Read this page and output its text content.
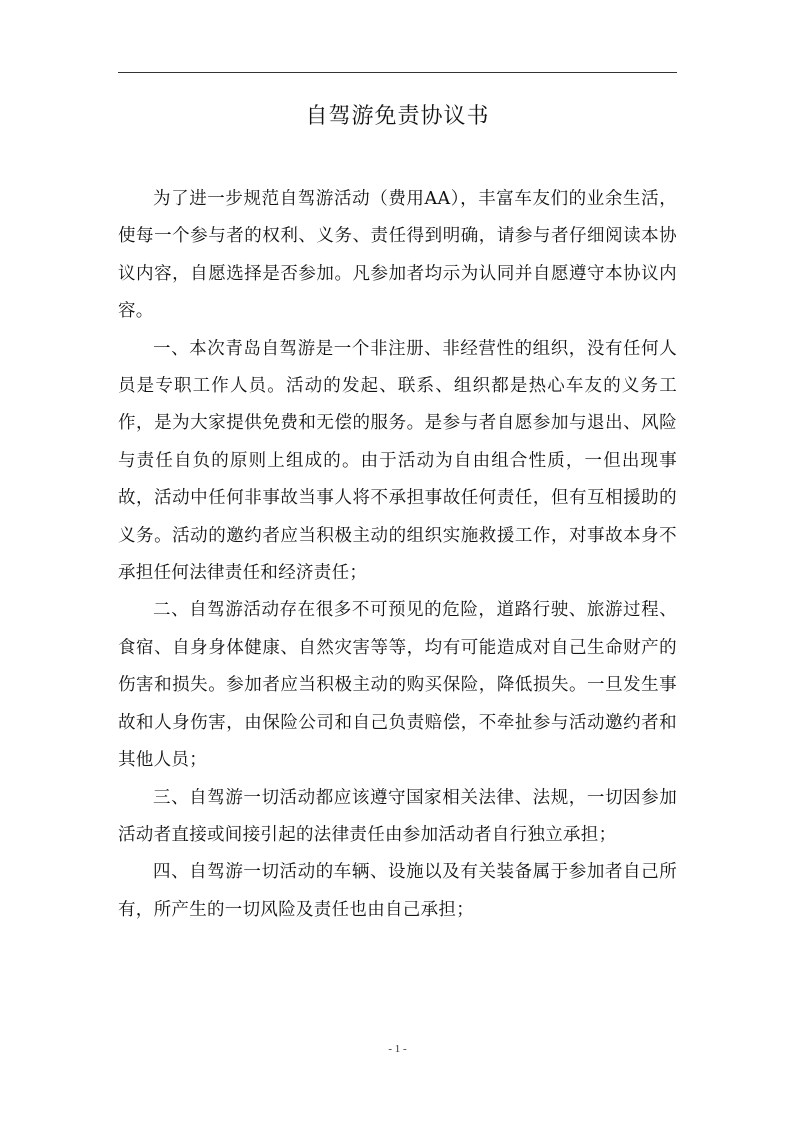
自驾游免责协议书

为了进一步规范自驾游活动（费用AA），丰富车友们的业余生活，使每一个参与者的权利、义务、责任得到明确，请参与者仔细阅读本协议内容，自愿选择是否参加。凡参加者均示为认同并自愿遵守本协议内容。

一、本次青岛自驾游是一个非注册、非经营性的组织，没有任何人员是专职工作人员。活动的发起、联系、组织都是热心车友的义务工作，是为大家提供免费和无偿的服务。是参与者自愿参加与退出、风险与责任自负的原则上组成的。由于活动为自由组合性质，一但出现事故，活动中任何非事故当事人将不承担事故任何责任，但有互相援助的义务。活动的邀约者应当积极主动的组织实施救援工作，对事故本身不承担任何法律责任和经济责任；

二、自驾游活动存在很多不可预见的危险，道路行驶、旅游过程、食宿、自身身体健康、自然灾害等等，均有可能造成对自己生命财产的伤害和损失。参加者应当积极主动的购买保险，降低损失。一旦发生事故和人身伤害，由保险公司和自己负责赔偿，不牵扯参与活动邀约者和其他人员；

三、自驾游一切活动都应该遵守国家相关法律、法规，一切因参加活动者直接或间接引起的法律责任由参加活动者自行独立承担；

四、自驾游一切活动的车辆、设施以及有关装备属于参加者自己所有，所产生的一切风险及责任也由自己承担；

- 1 -
